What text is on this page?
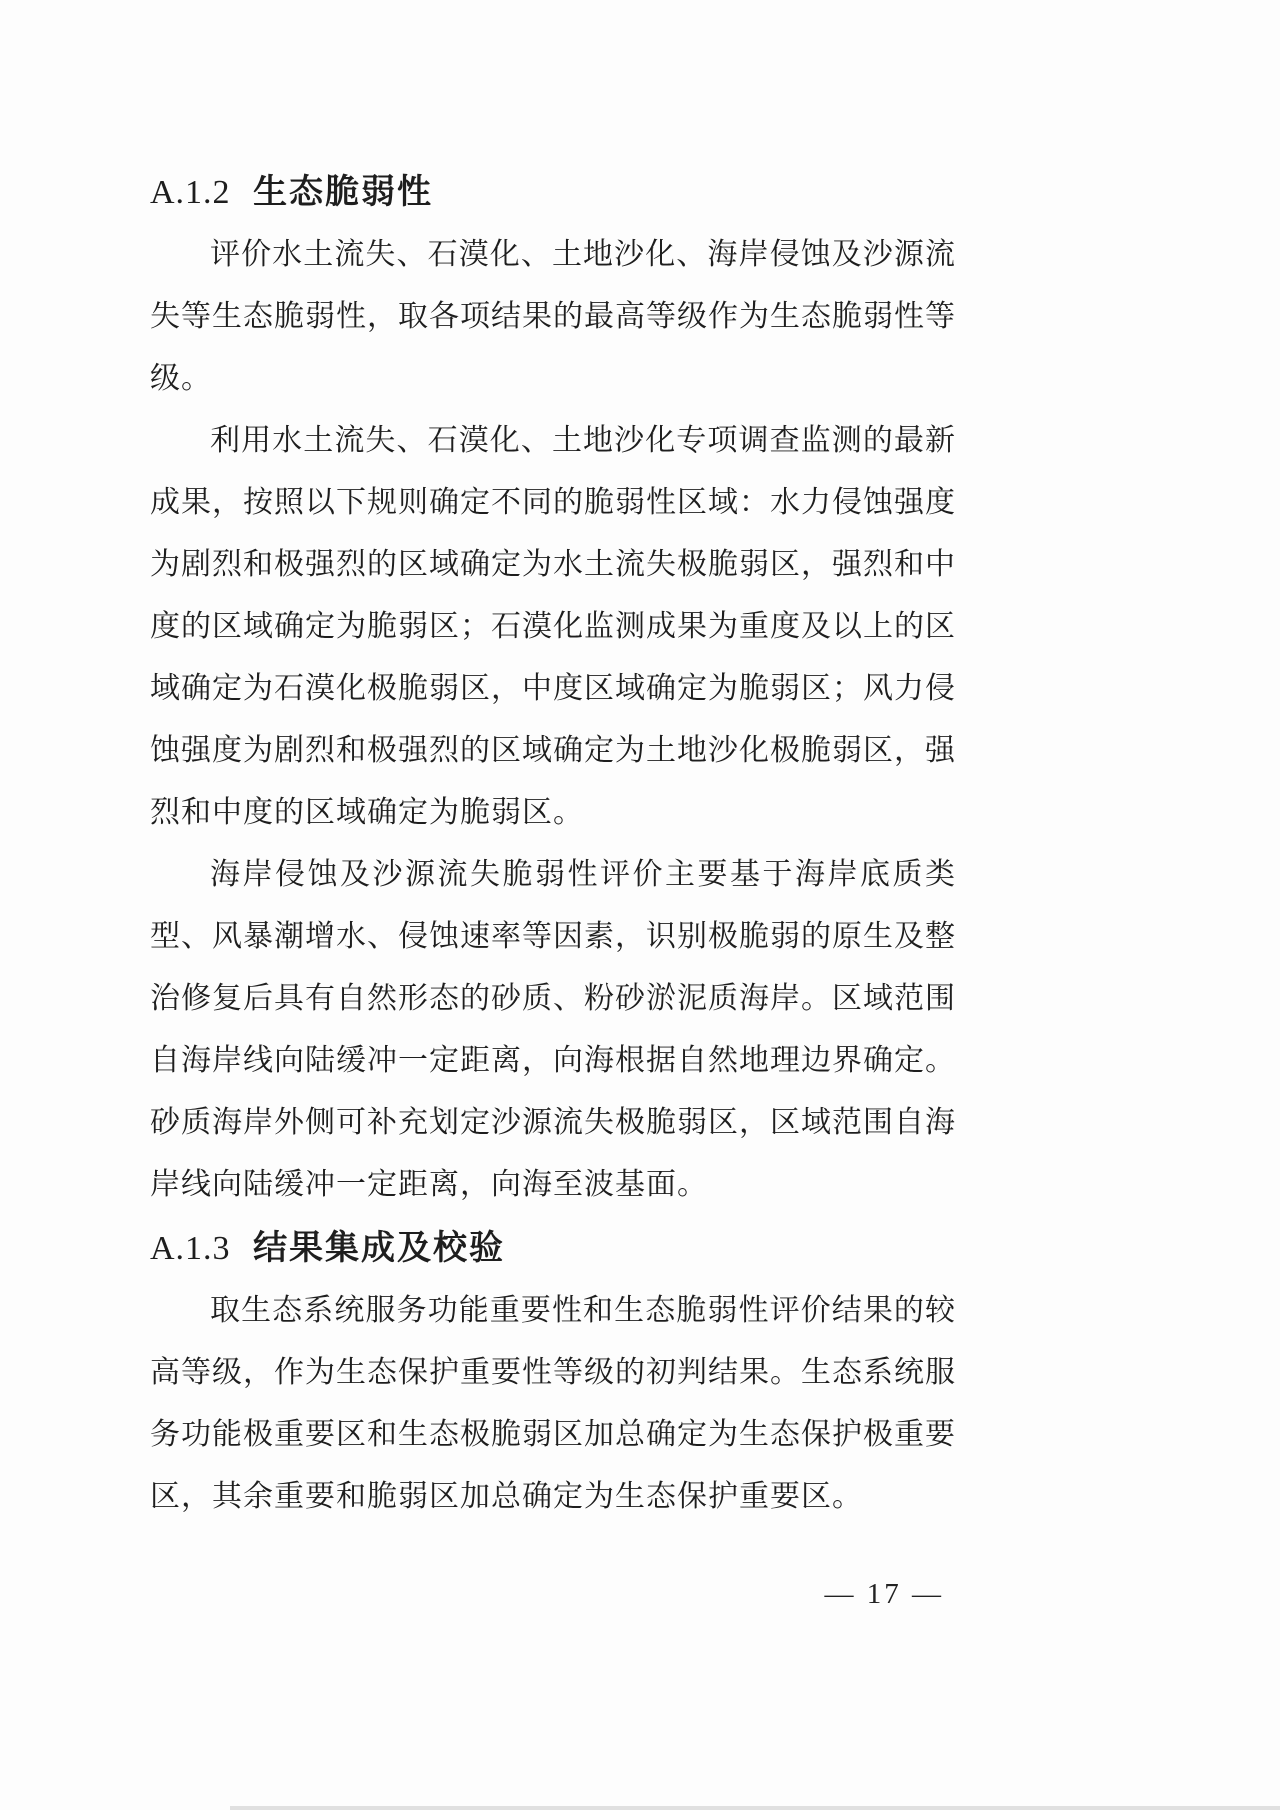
A.1.2 生态脆弱性

评价水土流失、石漠化、土地沙化、海岸侵蚀及沙源流失等生态脆弱性，取各项结果的最高等级作为生态脆弱性等级。

利用水土流失、石漠化、土地沙化专项调查监测的最新成果，按照以下规则确定不同的脆弱性区域：水力侵蚀强度为剧烈和极强烈的区域确定为水土流失极脆弱区，强烈和中度的区域确定为脆弱区；石漠化监测成果为重度及以上的区域确定为石漠化极脆弱区，中度区域确定为脆弱区；风力侵蚀强度为剧烈和极强烈的区域确定为土地沙化极脆弱区，强烈和中度的区域确定为脆弱区。

海岸侵蚀及沙源流失脆弱性评价主要基于海岸底质类型、风暴潮增水、侵蚀速率等因素，识别极脆弱的原生及整治修复后具有自然形态的砂质、粉砂淤泥质海岸。区域范围自海岸线向陆缓冲一定距离，向海根据自然地理边界确定。砂质海岸外侧可补充划定沙源流失极脆弱区，区域范围自海岸线向陆缓冲一定距离，向海至波基面。

A.1.3 结果集成及校验

取生态系统服务功能重要性和生态脆弱性评价结果的较高等级，作为生态保护重要性等级的初判结果。生态系统服务功能极重要区和生态极脆弱区加总确定为生态保护极重要区，其余重要和脆弱区加总确定为生态保护重要区。

— 17 —
